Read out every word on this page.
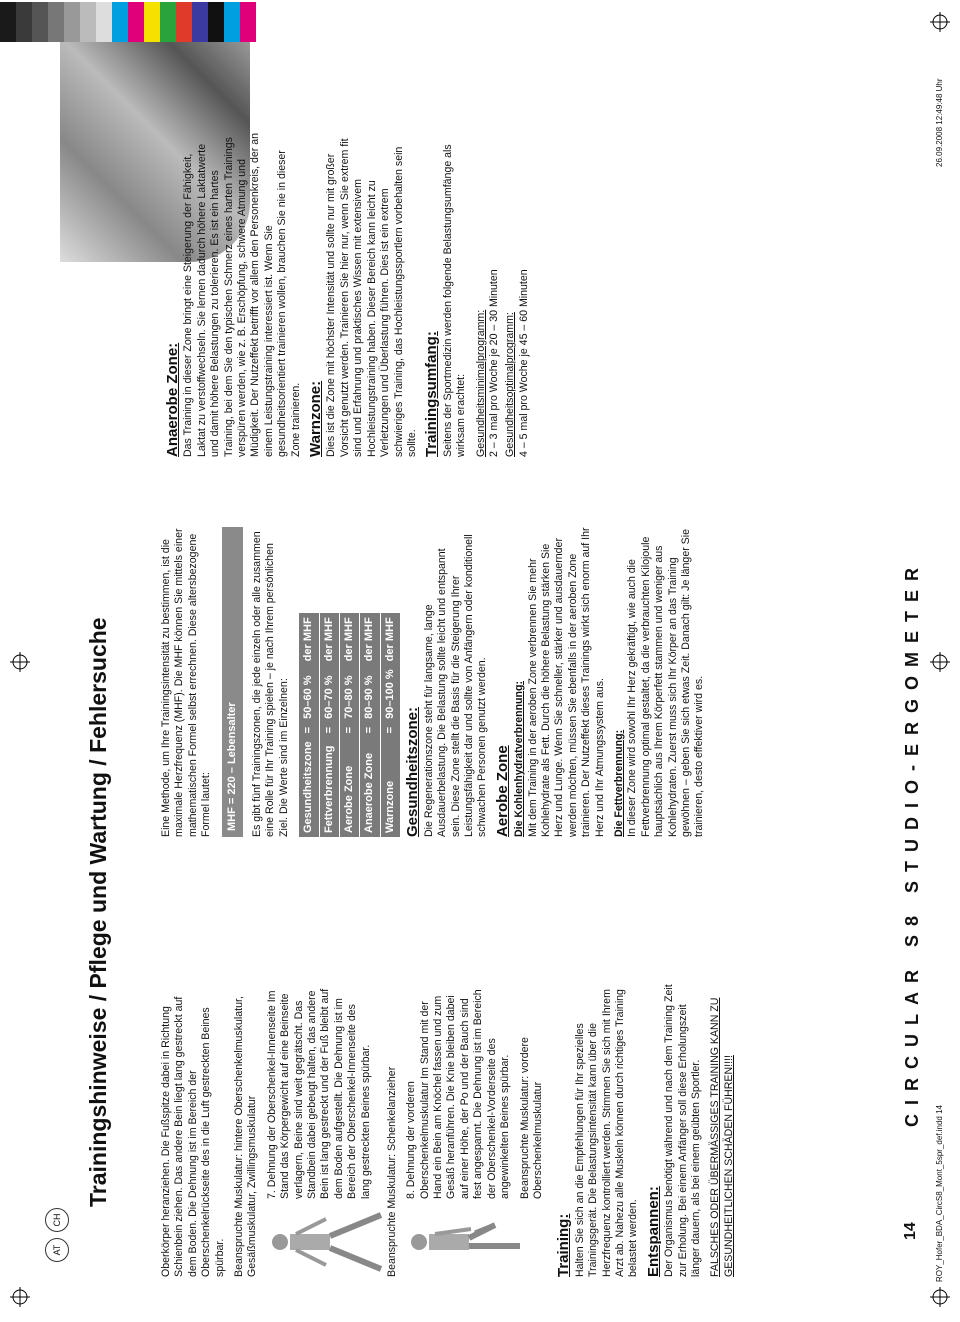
ATCH
Trainingshinweise / Pflege und Wartung / Fehlersuche	Oberkörper heranziehen. Die Fußspitze dabei in Richtung Schienbein ziehen. Das andere Bein liegt lang gestreckt auf dem Boden. Die Dehnung ist im Bereich der Oberschenkelrückseite des in die Luft gestreckten Beines spürbar. Beanspruchte Muskulatur: hintere Oberschenkelmuskulatur, Gesäßmuskulatur, Zwillingsmuskulatur 7. Dehnung der Oberschenkel-Innenseite Im Stand das Körpergewicht auf eine Beinseite verlagern, Beine sind weit gegrätscht. Das Standbein dabei gebeugt halten, das andere Bein ist lang gestreckt und der Fuß bleibt auf dem Boden aufgestellt. Die Dehnung ist im Bereich der Oberschenkel-Innenseite des lang gestreckten Beines spürbar. Beanspruchte Muskulatur: Schenkelanzieher 8. Dehnung der vorderen Oberschenkelmuskulatur Im Stand mit der Hand ein Bein am Knöchel fassen und zum Gesäß heranführen. Die Knie bleiben dabei auf einer Höhe, der Po und der Bauch sind fest angespannt. Die Dehnung ist im Bereich der Oberschenkel-Vorderseite des angewinkelten Beines spürbar. Beanspruchte Muskulatur: vordere Oberschenkelmuskulatur

Training: Halten Sie sich an die Empfehlungen für Ihr spezielles Trainingsgerät. Die Belastungsintensität kann über die Herzfrequenz kontrolliert werden. Stimmen Sie sich mit Ihrem Arzt ab. Nahezu alle Muskeln können durch richtiges Training belastet werden. Entspannen: Der Organismus benötigt während und nach dem Training Zeit zur Erholung. Bei einem Anfänger soll diese Erholungszeit länger dauern, als bei einem geübten Sportler. FALSCHES ODER ÜBERMÄSSIGES TRAINING KANN ZU GESUNDHEITLICHEN SCHÄDEN FÜHREN!!!!

Eine Methode, um Ihre Trainingsintensität zu bestimmen, ist die maximale Herzfrequenz (MHF). Die MHF können Sie mittels einer mathematischen Formel selbst errechnen. Diese altersbezogene Formel lautet:	MHF = 220 – Lebensalter	Es gibt fünf Trainingszonen, die jede einzeln oder alle zusammen eine Rolle für Ihr Training spielen – je nach Ihrem persönlichen Ziel. Die Werte sind im Einzelnen: Gesundheitszone	=	50–60 %	der MHF
Fettverbrennung	=	60–70 %	der MHF
Aerobe Zone	=	70–80 %	der MHF
Anaerobe Zone	=	80–90 %	der MHF
Warnzone	=	90–100 %	der MHF
Gesundheitszone: Die Regenerationszone steht für langsame, lange Ausdauerbelastung. Die Belastung sollte leicht und entspannt sein. Diese Zone stellt die Basis für die Steigerung Ihrer Leistungsfähigkeit dar und sollte von Anfängern oder konditionell schwachen Personen genutzt werden. Aerobe Zone Die Kohlenhydratverbrennung: Mit dem Training in der aeroben Zone verbrennen Sie mehr Kohlehydrate als Fett. Durch die höhere Belastung stärken Sie Herz und Lunge. Wenn Sie schneller, stärker und ausdauernder werden möchten, müssen Sie ebenfalls in der aeroben Zone trainieren. Der Nutzeffekt dieses Trainings wirkt sich enorm auf Ihr Herz und Ihr Atmungssystem aus. Die Fettverbrennung: In dieser Zone wird sowohl Ihr Herz gekräftigt, wie auch die Fettverbrennung optimal gestaltet, da die verbrauchten Kilojoule hauptsächlich aus Ihrem Körperfett stammen und weniger aus Kohlehydraten. Zuerst muss sich Ihr Körper an das Training gewöhnen – geben Sie sich etwas Zeit. Danach gilt: Je länger Sie trainieren, desto effektiver wird es.

Anaerobe Zone: Das Training in dieser Zone bringt eine Steigerung der Fähigkeit, Laktat zu verstoffwechseln. Sie lernen dadurch höhere Laktatwerte und damit höhere Belastungen zu tolerieren. Es ist ein hartes Training, bei dem Sie den typischen Schmerz eines harten Trainings verspüren werden, wie z. B. Erschöpfung, schwere Atmung und Müdigkeit. Der Nutzeffekt betrifft vor allem den Personenkreis, der an einem Leistungstraining interessiert ist. Wenn Sie gesundheitsorientiert trainieren wollen, brauchen Sie nie in dieser Zone trainieren. Warnzone: Dies ist die Zone mit höchster Intensität und sollte nur mit großer Vorsicht genutzt werden. Trainieren Sie hier nur, wenn Sie extrem fit sind und Erfahrung und praktisches Wissen mit extensivem Hochleistungstraining haben. Dieser Bereich kann leicht zu Verletzungen und Überlastung führen. Dies ist ein extrem schwieriges Training, das Hochleistungssportlern vorbehalten sein sollte. Trainingsumfang: Seitens der Sportmedizin werden folgende Belastungsumfänge als wirksam erachtet: Gesundheitsminimalprogramm: 2 – 3 mal pro Woche je 20 – 30 Minuten Gesundheitsoptimalprogramm: 4 – 5 mal pro Woche je 45 – 60 Minuten
14
CIRCULAR S8 STUDIO-ERGOMETER
ROY_Hofer_BDA_CircS8_Mont_5spr_def.indd 14
26.09.2008 12:49:48 Uhr
